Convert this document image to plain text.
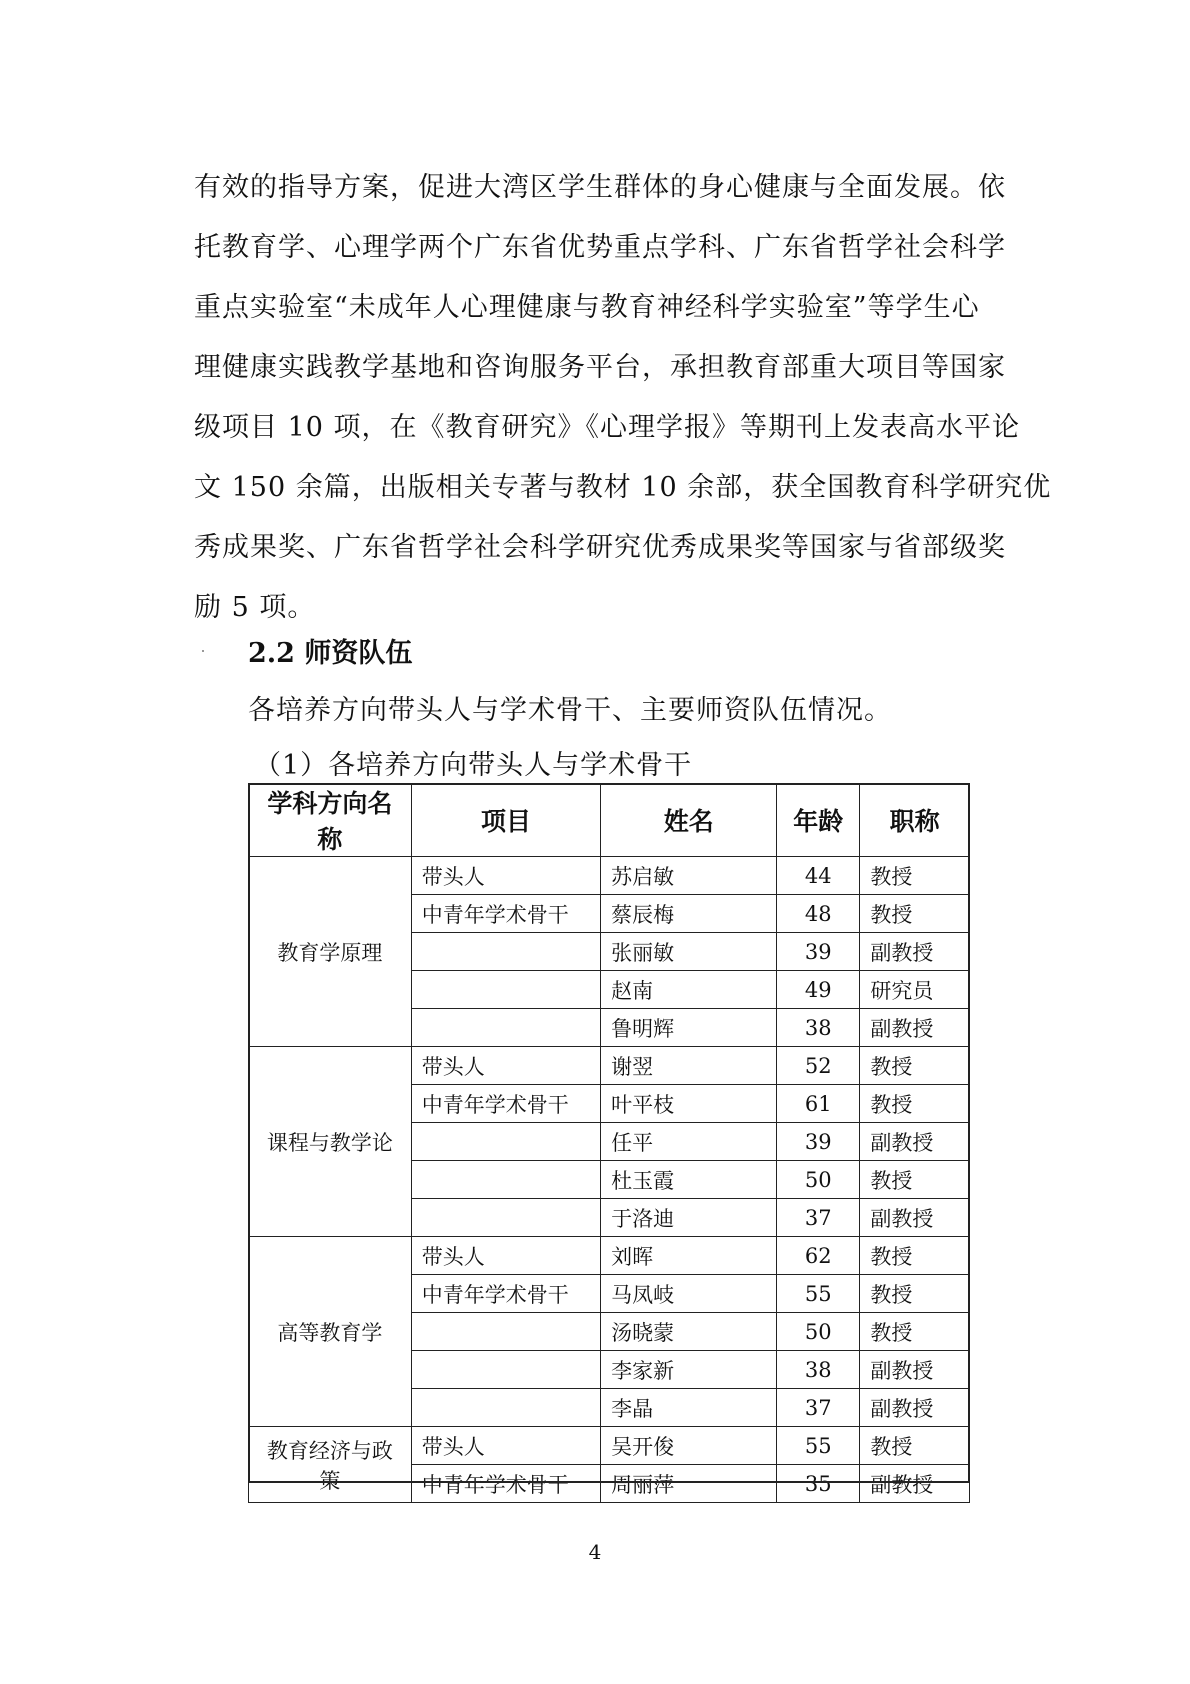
有效的指导方案，促进大湾区学生群体的身心健康与全面发展。依
托教育学、心理学两个广东省优势重点学科、广东省哲学社会科学
重点实验室“未成年人心理健康与教育神经科学实验室”等学生心
理健康实践教学基地和咨询服务平台，承担教育部重大项目等国家
级项目 10 项，在《教育研究》《心理学报》等期刊上发表高水平论
文 150 余篇，出版相关专著与教材 10 余部，获全国教育科学研究优
秀成果奖、广东省哲学社会科学研究优秀成果奖等国家与省部级奖
励 5 项。
2.2 师资队伍
各培养方向带头人与学术骨干、主要师资队伍情况。
（1）各培养方向带头人与学术骨干
学科方向名称	项目	姓名	年龄	职称
教育学原理	带头人	苏启敏	44	教授
	中青年学术骨干	蔡辰梅	48	教授
		张丽敏	39	副教授
		赵南	49	研究员
		鲁明辉	38	副教授
课程与教学论	带头人	谢翌	52	教授
	中青年学术骨干	叶平枝	61	教授
		任平	39	副教授
		杜玉霞	50	教授
		于洛迪	37	副教授
高等教育学	带头人	刘晖	62	教授
	中青年学术骨干	马凤岐	55	教授
		汤晓蒙	50	教授
		李家新	38	副教授
		李晶	37	副教授
教育经济与政策	带头人	吴开俊	55	教授
	中青年学术骨干	周丽萍	35	副教授
4
